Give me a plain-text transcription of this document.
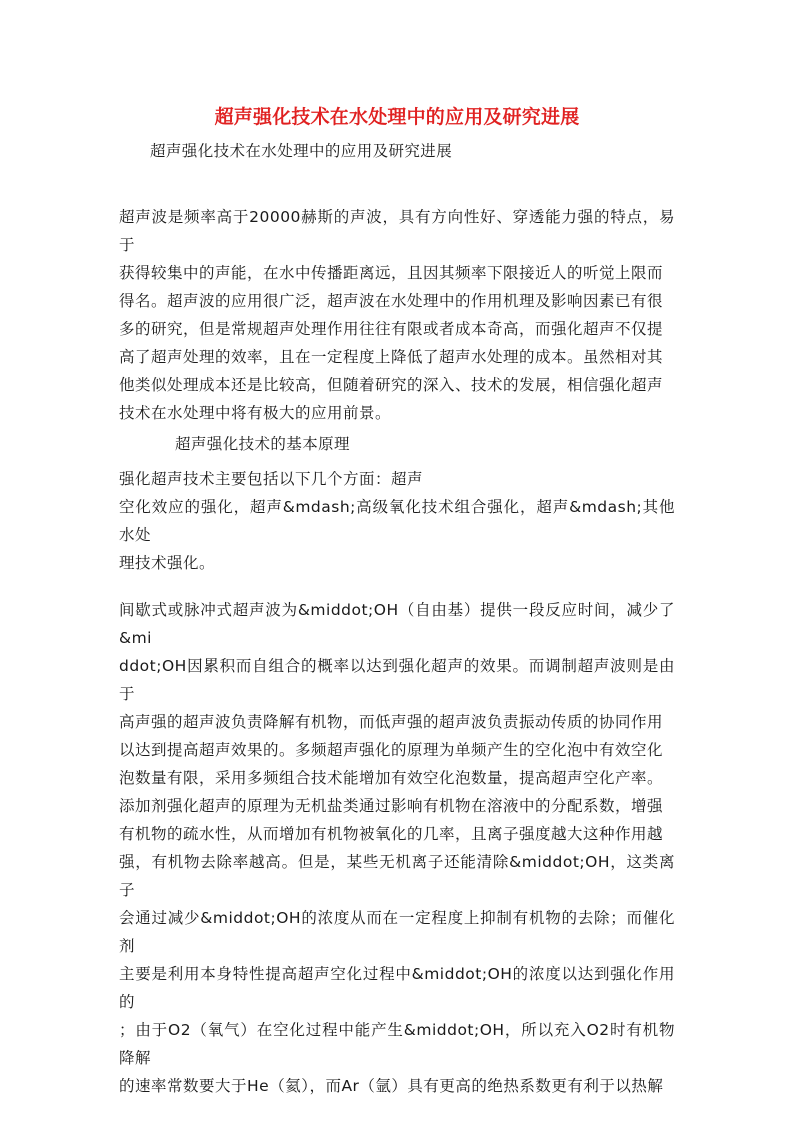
超声强化技术在水处理中的应用及研究进展
超声强化技术在水处理中的应用及研究进展

超声波是频率高于20000赫斯的声波，具有方向性好、穿透能力强的特点，易于
获得较集中的声能，在水中传播距离远，且因其频率下限接近人的听觉上限而
得名。超声波的应用很广泛，超声波在水处理中的作用机理及影响因素已有很
多的研究，但是常规超声处理作用往往有限或者成本奇高，而强化超声不仅提
高了超声处理的效率，且在一定程度上降低了超声水处理的成本。虽然相对其
他类似处理成本还是比较高，但随着研究的深入、技术的发展，相信强化超声
技术在水处理中将有极大的应用前景。

超声强化技术的基本原理

强化超声技术主要包括以下几个方面：超声
空化效应的强化，超声&mdash;高级氧化技术组合强化，超声&mdash;其他水处
理技术强化。

间歇式或脉冲式超声波为&middot;OH（自由基）提供一段反应时间，减少了&mi
ddot;OH因累积而自组合的概率以达到强化超声的效果。而调制超声波则是由于
高声强的超声波负责降解有机物，而低声强的超声波负责振动传质的协同作用
以达到提高超声效果的。多频超声强化的原理为单频产生的空化泡中有效空化
泡数量有限，采用多频组合技术能增加有效空化泡数量，提高超声空化产率。
添加剂强化超声的原理为无机盐类通过影响有机物在溶液中的分配系数，增强
有机物的疏水性，从而增加有机物被氧化的几率，且离子强度越大这种作用越
强，有机物去除率越高。但是，某些无机离子还能清除&middot;OH，这类离子
会通过减少&middot;OH的浓度从而在一定程度上抑制有机物的去除；而催化剂
主要是利用本身特性提高超声空化过程中&middot;OH的浓度以达到强化作用的
；由于O2（氧气）在空化过程中能产生&middot;OH，所以充入O2时有机物降解
的速率常数要大于He（氦），而Ar（氩）具有更高的绝热系数更有利于以热解
